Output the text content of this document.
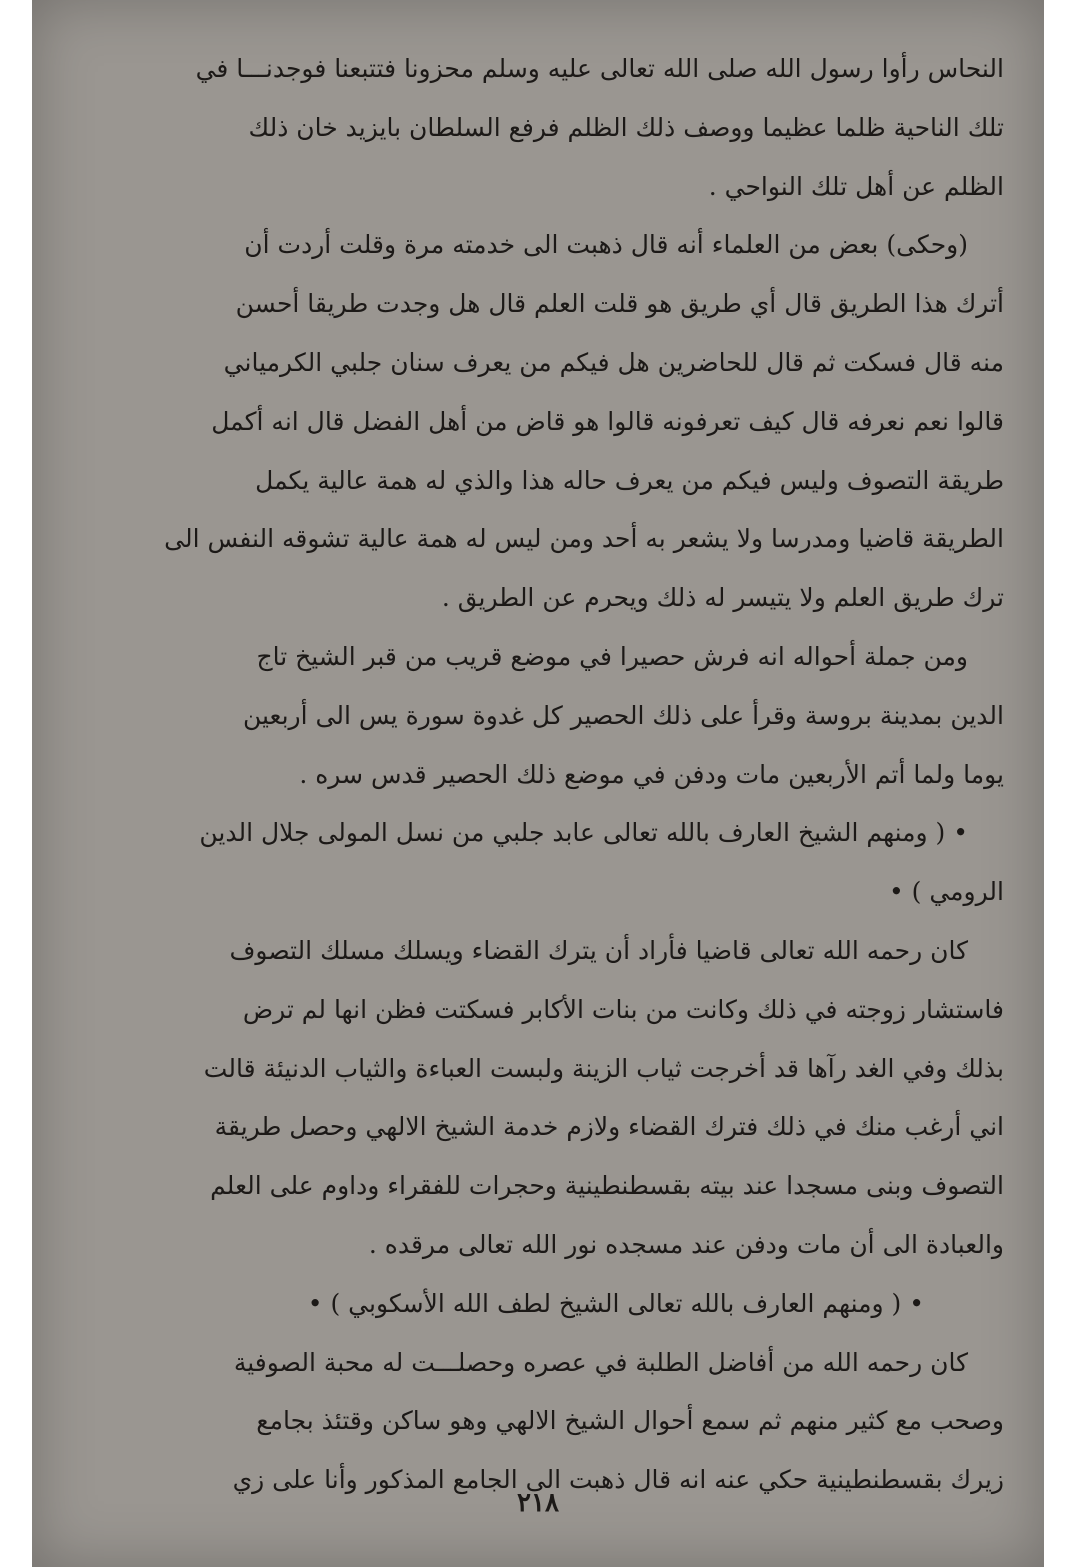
النحاس رأوا رسول الله صلى الله تعالى عليه وسلم محزونا فتتبعنا فوجدنـــا في
تلك الناحية ظلما عظيما ووصف ذلك الظلم فرفع السلطان بايزيد خان ذلك
الظلم عن أهل تلك النواحي .
(وحكى) بعض من العلماء أنه قال ذهبت الى خدمته مرة وقلت أردت أن
أترك هذا الطريق قال أي طريق هو قلت العلم قال هل وجدت طريقا أحسن
منه قال فسكت ثم قال للحاضرين هل فيكم من يعرف سنان جلبي الكرمياني
قالوا نعم نعرفه قال كيف تعرفونه قالوا هو قاض من أهل الفضل قال انه أكمل
طريقة التصوف وليس فيكم من يعرف حاله هذا والذي له همة عالية يكمل
الطريقة قاضيا ومدرسا ولا يشعر به أحد ومن ليس له همة عالية تشوقه النفس الى
ترك طريق العلم ولا يتيسر له ذلك ويحرم عن الطريق .
ومن جملة أحواله انه فرش حصيرا في موضع قريب من قبر الشيخ تاج
الدين بمدينة بروسة وقرأ على ذلك الحصير كل غدوة سورة يس الى أربعين
يوما ولما أتم الأربعين مات ودفن في موضع ذلك الحصير قدس سره .
• ( ومنهم الشيخ العارف بالله تعالى عابد جلبي من نسل المولى جلال الدين
الرومي ) •
كان رحمه الله تعالى قاضيا فأراد أن يترك القضاء ويسلك مسلك التصوف
فاستشار زوجته في ذلك وكانت من بنات الأكابر فسكتت فظن انها لم ترض
بذلك وفي الغد رآها قد أخرجت ثياب الزينة ولبست العباءة والثياب الدنيئة قالت
اني أرغب منك في ذلك فترك القضاء ولازم خدمة الشيخ الالهي وحصل طريقة
التصوف وبنى مسجدا عند بيته بقسطنطينية وحجرات للفقراء وداوم على العلم
والعبادة الى أن مات ودفن عند مسجده نور الله تعالى مرقده .
• ( ومنهم العارف بالله تعالى الشيخ لطف الله الأسكوبي ) •
كان رحمه الله من أفاضل الطلبة في عصره وحصلـــت له محبة الصوفية
وصحب مع كثير منهم ثم سمع أحوال الشيخ الالهي وهو ساكن وقتئذ بجامع
زيرك بقسطنطينية حكي عنه انه قال ذهبت الى الجامع المذكور وأنا على زي
٢١٨
